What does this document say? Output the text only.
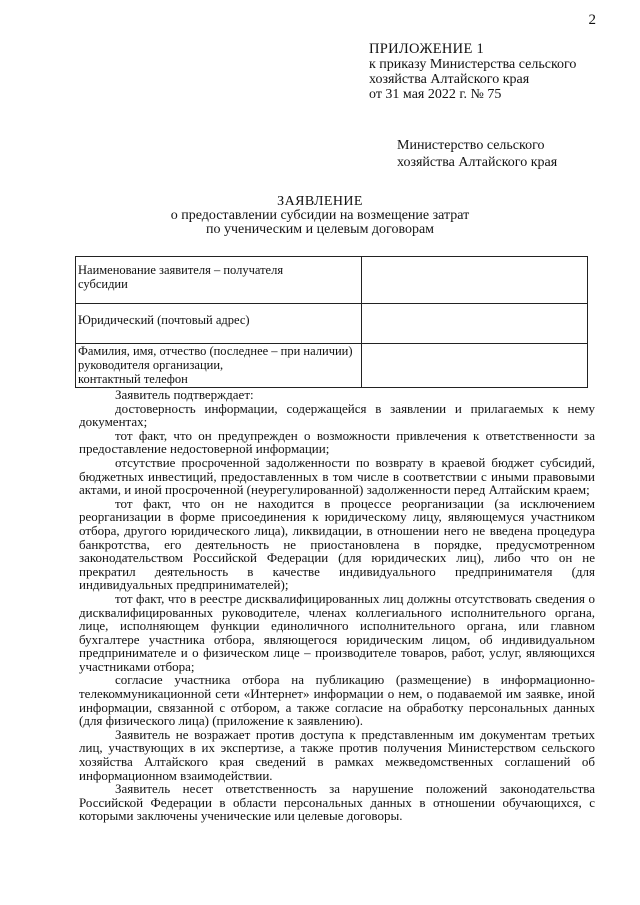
2
ПРИЛОЖЕНИЕ 1
к приказу Министерства сельского
хозяйства Алтайского края
от 31 мая 2022 г. № 75
Министерство сельского
хозяйства Алтайского края
ЗАЯВЛЕНИЕ
о предоставлении субсидии на возмещение затрат
по ученическим и целевым договорам
Наименование заявителя – получателя
субсидии	

Юридический (почтовый адрес)	

Фамилия, имя, отчество (последнее – при наличии)
руководителя организации,
контактный телефон	

Заявитель подтверждает:

достоверность информации, содержащейся в заявлении и прилагаемых к нему документах;

тот факт, что он предупрежден о возможности привлечения к ответственности за предоставление недостоверной информации;

отсутствие просроченной задолженности по возврату в краевой бюджет субсидий, бюджетных инвестиций, предоставленных в том числе в соответствии с иными правовыми актами, и иной просроченной (неурегулированной) задолженности перед Алтайским краем;

тот факт, что он не находится в процессе реорганизации (за исключением реорганизации в форме присоединения к юридическому лицу, являющемуся участником отбора, другого юридического лица), ликвидации, в отношении него не введена процедура банкротства, его деятельность не приостановлена в порядке, предусмотренном законодательством Российской Федерации (для юридических лиц), либо что он не прекратил деятельность в качестве индивидуального предпринимателя (для индивидуальных предпринимателей);

тот факт, что в реестре дисквалифицированных лиц должны отсутствовать сведения о дисквалифицированных руководителе, членах коллегиального исполнительного органа, лице, исполняющем функции единоличного исполнительного органа, или главном бухгалтере участника отбора, являющегося юридическим лицом, об индивидуальном предпринимателе и о физическом лице – производителе товаров, работ, услуг, являющихся участниками отбора;

согласие участника отбора на публикацию (размещение) в информационно-телекоммуникационной сети «Интернет» информации о нем, о подаваемой им заявке, иной информации, связанной с отбором, а также согласие на обработку персональных данных (для физического лица) (приложение к заявлению).

Заявитель не возражает против доступа к представленным им документам третьих лиц, участвующих в их экспертизе, а также против получения Министерством сельского хозяйства Алтайского края сведений в рамках межведомственных соглашений об информационном взаимодействии.

Заявитель несет ответственность за нарушение положений законодательства Российской Федерации в области персональных данных в отношении обучающихся, с которыми заключены ученические или целевые договоры.
